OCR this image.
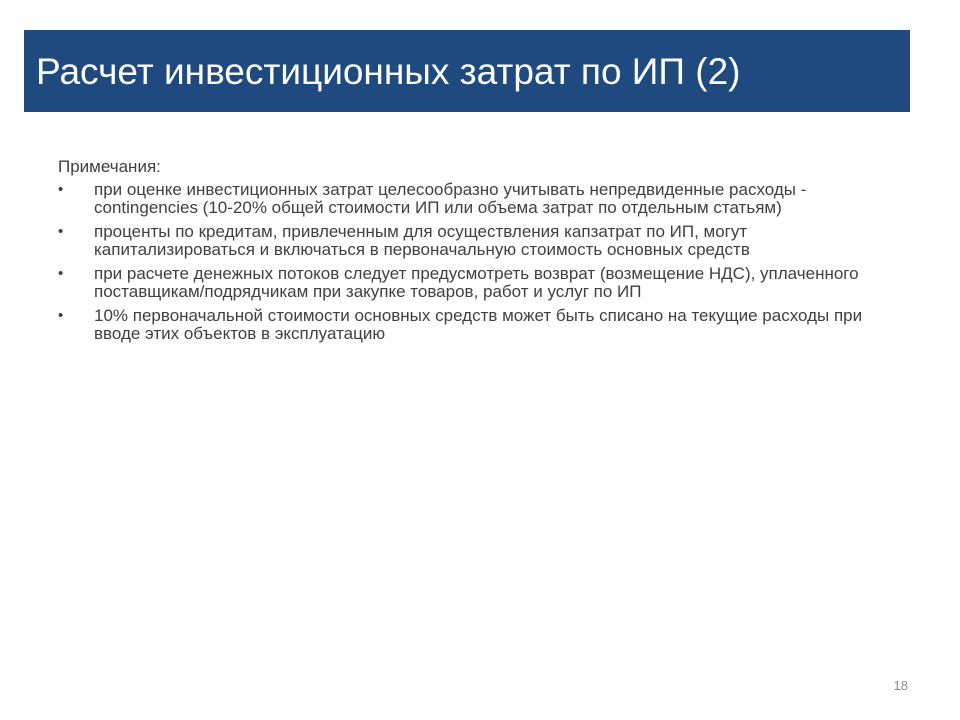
Расчет инвестиционных затрат по ИП (2)
Примечания:
• при оценке инвестиционных затрат целесообразно учитывать непредвиденные расходы - contingencies (10-20% общей стоимости ИП или объема затрат по отдельным статьям)
• проценты по кредитам, привлеченным для осуществления капзатрат по ИП, могут капитализироваться и включаться в первоначальную стоимость основных средств
• при расчете денежных потоков следует предусмотреть возврат (возмещение НДС), уплаченного поставщикам/подрядчикам при закупке товаров, работ и услуг по ИП
• 10% первоначальной стоимости основных средств может быть списано на текущие расходы при вводе этих объектов в эксплуатацию
18
